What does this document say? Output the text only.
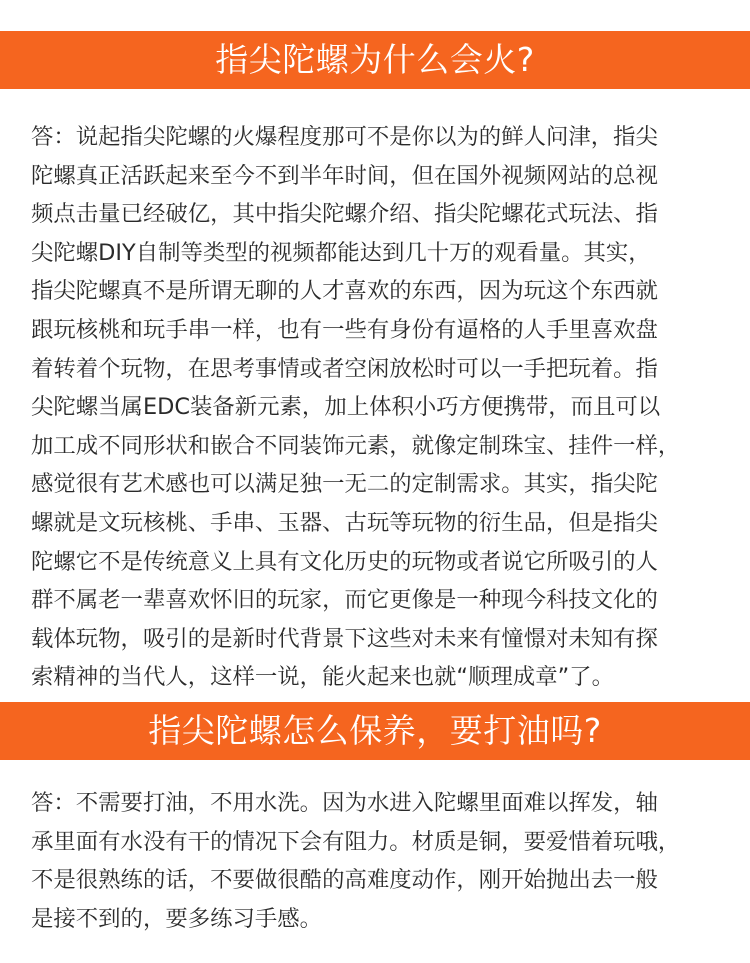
指尖陀螺为什么会火?
答：说起指尖陀螺的火爆程度那可不是你以为的鲜人问津，指尖
陀螺真正活跃起来至今不到半年时间，但在国外视频网站的总视
频点击量已经破亿，其中指尖陀螺介绍、指尖陀螺花式玩法、指
尖陀螺DIY自制等类型的视频都能达到几十万的观看量。其实，
指尖陀螺真不是所谓无聊的人才喜欢的东西，因为玩这个东西就
跟玩核桃和玩手串一样，也有一些有身份有逼格的人手里喜欢盘
着转着个玩物，在思考事情或者空闲放松时可以一手把玩着。指
尖陀螺当属EDC装备新元素，加上体积小巧方便携带，而且可以
加工成不同形状和嵌合不同装饰元素，就像定制珠宝、挂件一样，
感觉很有艺术感也可以满足独一无二的定制需求。其实，指尖陀
螺就是文玩核桃、手串、玉器、古玩等玩物的衍生品，但是指尖
陀螺它不是传统意义上具有文化历史的玩物或者说它所吸引的人
群不属老一辈喜欢怀旧的玩家，而它更像是一种现今科技文化的
载体玩物，吸引的是新时代背景下这些对未来有憧憬对未知有探
索精神的当代人，这样一说，能火起来也就“顺理成章”了。
指尖陀螺怎么保养，要打油吗?
答：不需要打油，不用水洗。因为水进入陀螺里面难以挥发，轴
承里面有水没有干的情况下会有阻力。材质是铜，要爱惜着玩哦，
不是很熟练的话，不要做很酷的高难度动作，刚开始抛出去一般
是接不到的，要多练习手感。
